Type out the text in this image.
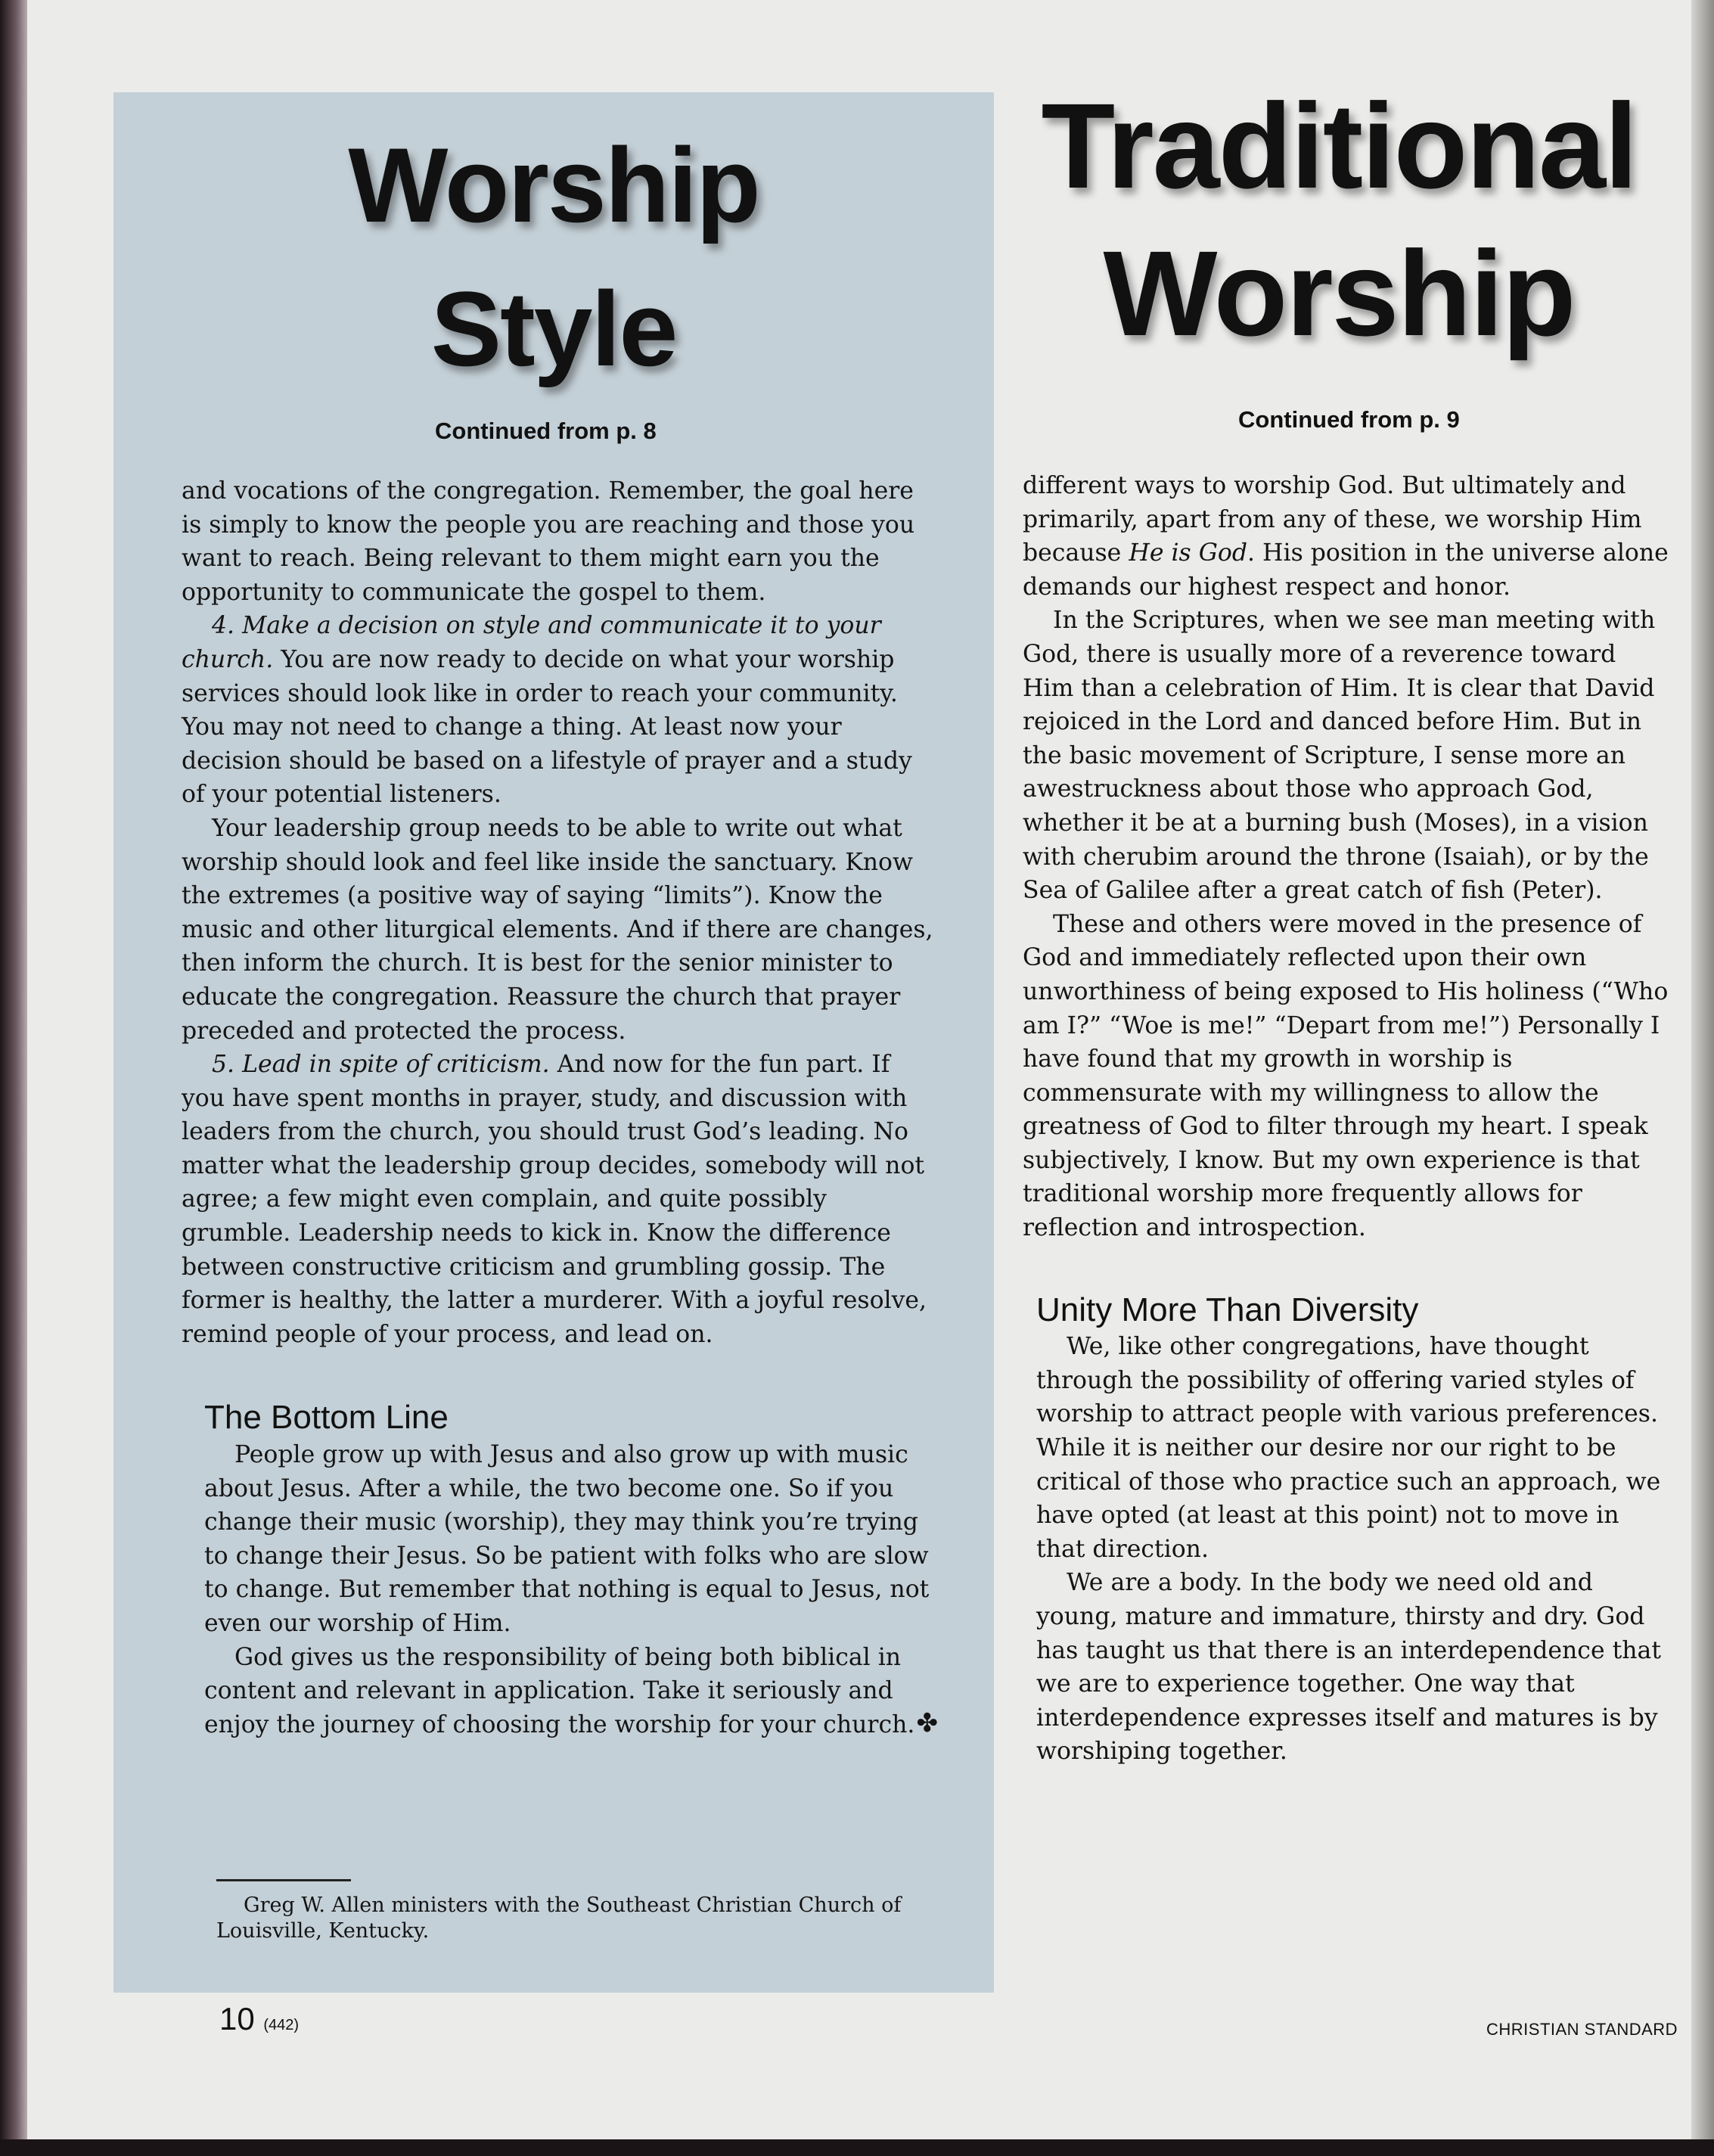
Worship
Style

Continued from p. 8

and vocations of the congregation. Remember, the goal here is simply to know the people you are reaching and those you want to reach. Being relevant to them might earn you the opportunity to communicate the gospel to them.

4. Make a decision on style and communicate it to your church. You are now ready to decide on what your worship services should look like in order to reach your community. You may not need to change a thing. At least now your decision should be based on a lifestyle of prayer and a study of your potential listeners.

Your leadership group needs to be able to write out what worship should look and feel like inside the sanctuary. Know the extremes (a positive way of saying “limits”). Know the music and other liturgical elements. And if there are changes, then inform the church. It is best for the senior minister to educate the congregation. Reassure the church that prayer preceded and protected the process.

5. Lead in spite of criticism. And now for the fun part. If you have spent months in prayer, study, and discussion with leaders from the church, you should trust God’s leading. No matter what the leadership group decides, somebody will not agree; a few might even complain, and quite possibly grumble. Leadership needs to kick in. Know the difference between constructive criticism and grumbling gossip. The former is healthy, the latter a murderer. With a joyful resolve, remind people of your process, and lead on.

The Bottom Line

People grow up with Jesus and also grow up with music about Jesus. After a while, the two become one. So if you change their music (worship), they may think you’re trying to change their Jesus. So be patient with folks who are slow to change. But remember that nothing is equal to Jesus, not even our worship of Him.

God gives us the responsibility of being both biblical in content and relevant in application. Take it seriously and enjoy the journey of choosing the worship for your church. ✤

Greg W. Allen ministers with the Southeast Christian Church of Louisville, Kentucky.

Traditional
Worship

Continued from p. 9

different ways to worship God. But ultimately and primarily, apart from any of these, we worship Him because He is God. His position in the universe alone demands our highest respect and honor.

In the Scriptures, when we see man meeting with God, there is usually more of a reverence toward Him than a celebration of Him. It is clear that David rejoiced in the Lord and danced before Him. But in the basic movement of Scripture, I sense more an awestruckness about those who approach God, whether it be at a burning bush (Moses), in a vision with cherubim around the throne (Isaiah), or by the Sea of Galilee after a great catch of fish (Peter).

These and others were moved in the presence of God and immediately reflected upon their own unworthiness of being exposed to His holiness (“Who am I?” “Woe is me!” “Depart from me!”) Personally I have found that my growth in worship is commensurate with my willingness to allow the greatness of God to filter through my heart. I speak subjectively, I know. But my own experience is that traditional worship more frequently allows for reflection and introspection.

Unity More Than Diversity

We, like other congregations, have thought through the possibility of offering varied styles of worship to attract people with various preferences. While it is neither our desire nor our right to be critical of those who practice such an approach, we have opted (at least at this point) not to move in that direction.

We are a body. In the body we need old and young, mature and immature, thirsty and dry. God has taught us that there is an interdependence that we are to experience together. One way that interdependence expresses itself and matures is by worshiping together.

10 (442)	CHRISTIAN STANDARD
